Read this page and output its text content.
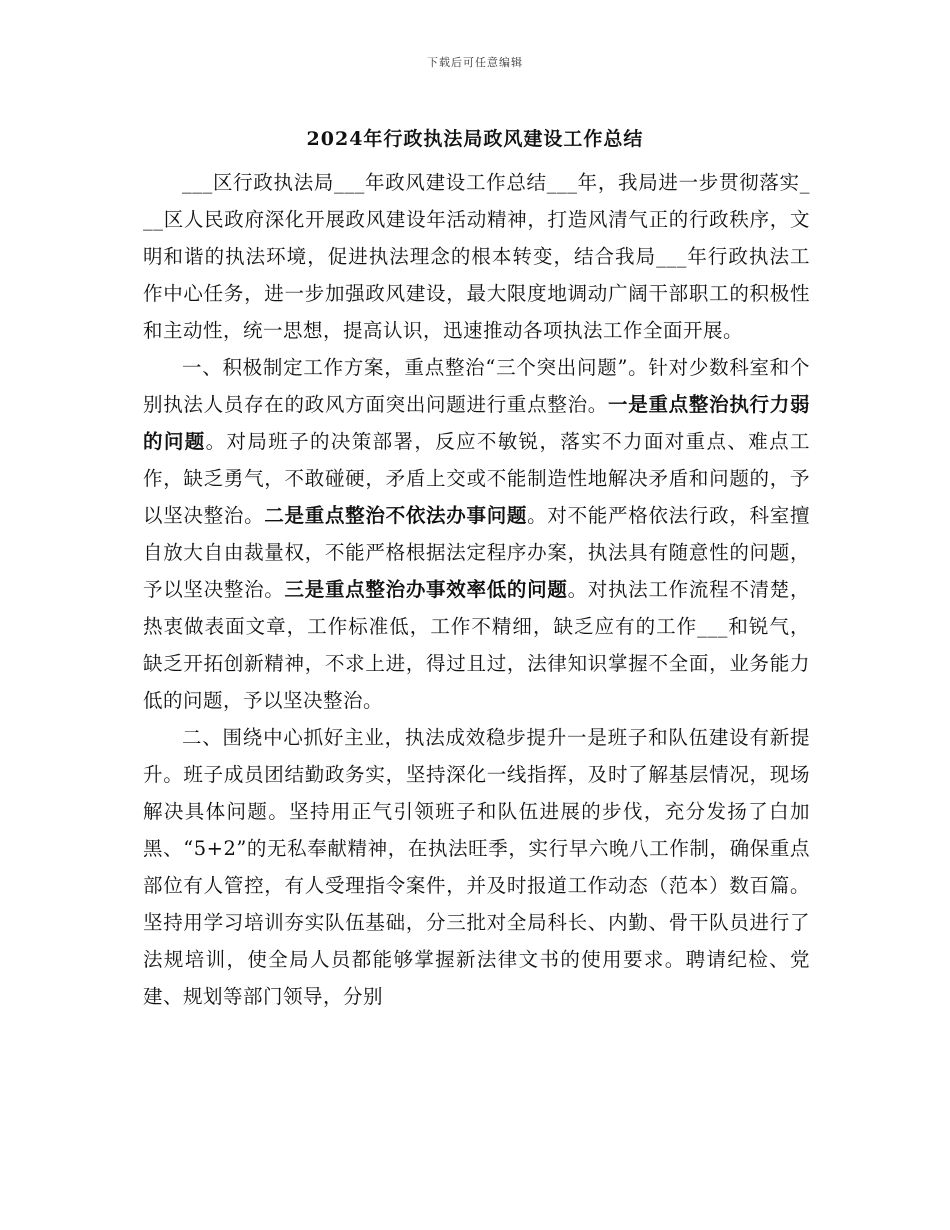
下载后可任意编辑
2024年行政执法局政风建设工作总结

___区行政执法局___年政风建设工作总结___年，我局进一步贯彻落实___区人民政府深化开展政风建设年活动精神，打造风清气正的行政秩序，文明和谐的执法环境，促进执法理念的根本转变，结合我局___年行政执法工作中心任务，进一步加强政风建设，最大限度地调动广阔干部职工的积极性和主动性，统一思想，提高认识，迅速推动各项执法工作全面开展。

一、积极制定工作方案，重点整治“三个突出问题”。针对少数科室和个别执法人员存在的政风方面突出问题进行重点整治。一是重点整治执行力弱的问题。对局班子的决策部署，反应不敏锐，落实不力面对重点、难点工作，缺乏勇气，不敢碰硬，矛盾上交或不能制造性地解决矛盾和问题的，予以坚决整治。二是重点整治不依法办事问题。对不能严格依法行政，科室擅自放大自由裁量权，不能严格根据法定程序办案，执法具有随意性的问题，予以坚决整治。三是重点整治办事效率低的问题。对执法工作流程不清楚，热衷做表面文章，工作标准低，工作不精细，缺乏应有的工作___和锐气，缺乏开拓创新精神，不求上进，得过且过，法律知识掌握不全面，业务能力低的问题，予以坚决整治。

二、围绕中心抓好主业，执法成效稳步提升一是班子和队伍建设有新提升。班子成员团结勤政务实，坚持深化一线指挥，及时了解基层情况，现场解决具体问题。坚持用正气引领班子和队伍进展的步伐，充分发扬了白加黑、“5+2”的无私奉献精神，在执法旺季，实行早六晚八工作制，确保重点部位有人管控，有人受理指令案件，并及时报道工作动态（范本）数百篇。坚持用学习培训夯实队伍基础，分三批对全局科长、内勤、骨干队员进行了法规培训，使全局人员都能够掌握新法律文书的使用要求。聘请纪检、党建、规划等部门领导，分别
